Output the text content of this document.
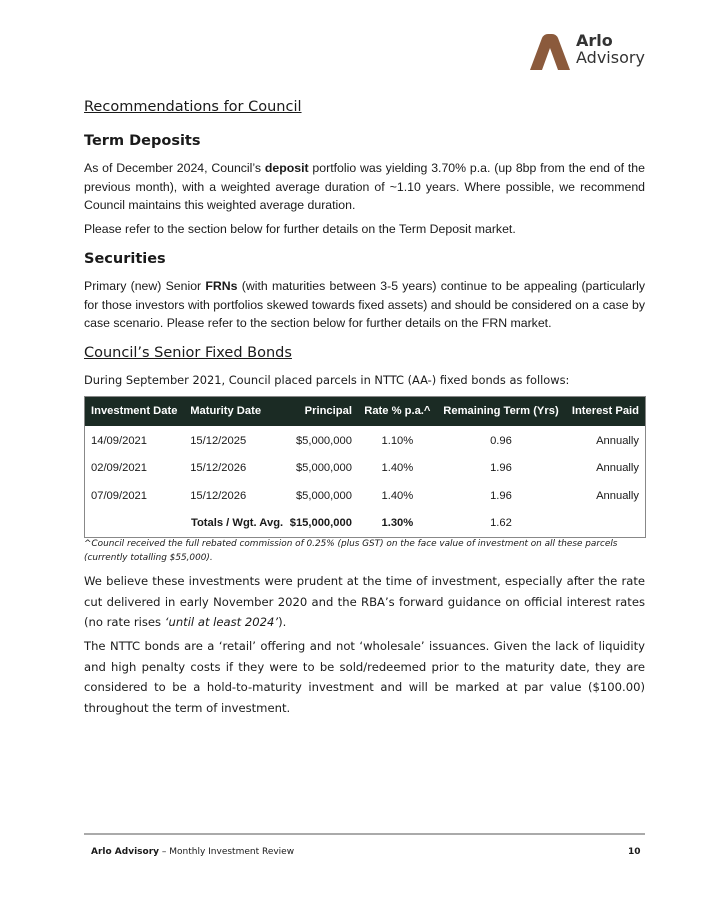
Arlo
Advisory
Recommendations for Council
Term Deposits

As of December 2024, Council’s deposit portfolio was yielding 3.70% p.a. (up 8bp from the end of the previous month), with a weighted average duration of ~1.10 years. Where possible, we recommend Council maintains this weighted average duration.

Please refer to the section below for further details on the Term Deposit market.

Securities

Primary (new) Senior FRNs (with maturities between 3-5 years) continue to be appealing (particularly for those investors with portfolios skewed towards fixed assets) and should be considered on a case by case scenario. Please refer to the section below for further details on the FRN market.

Council’s Senior Fixed Bonds

During September 2021, Council placed parcels in NTTC (AA-) fixed bonds as follows:

Investment Date	Maturity Date	Principal	Rate % p.a.^	Remaining Term (Yrs)	Interest Paid
14/09/2021	15/12/2025	$5,000,000	1.10%	0.96	Annually
02/09/2021	15/12/2026	$5,000,000	1.40%	1.96	Annually
07/09/2021	15/12/2026	$5,000,000	1.40%	1.96	Annually
	Totals / Wgt. Avg.	$15,000,000	1.30%	1.62	

^Council received the full rebated commission of 0.25% (plus GST) on the face value of investment on all these parcels (currently totalling $55,000).

We believe these investments were prudent at the time of investment, especially after the rate cut delivered in early November 2020 and the RBA’s forward guidance on official interest rates (no rate rises ‘until at least 2024’).

The NTTC bonds are a ‘retail’ offering and not ‘wholesale’ issuances. Given the lack of liquidity and high penalty costs if they were to be sold/redeemed prior to the maturity date, they are considered to be a hold-to-maturity investment and will be marked at par value ($100.00) throughout the term of investment.

Arlo Advisory – Monthly Investment Review	10
